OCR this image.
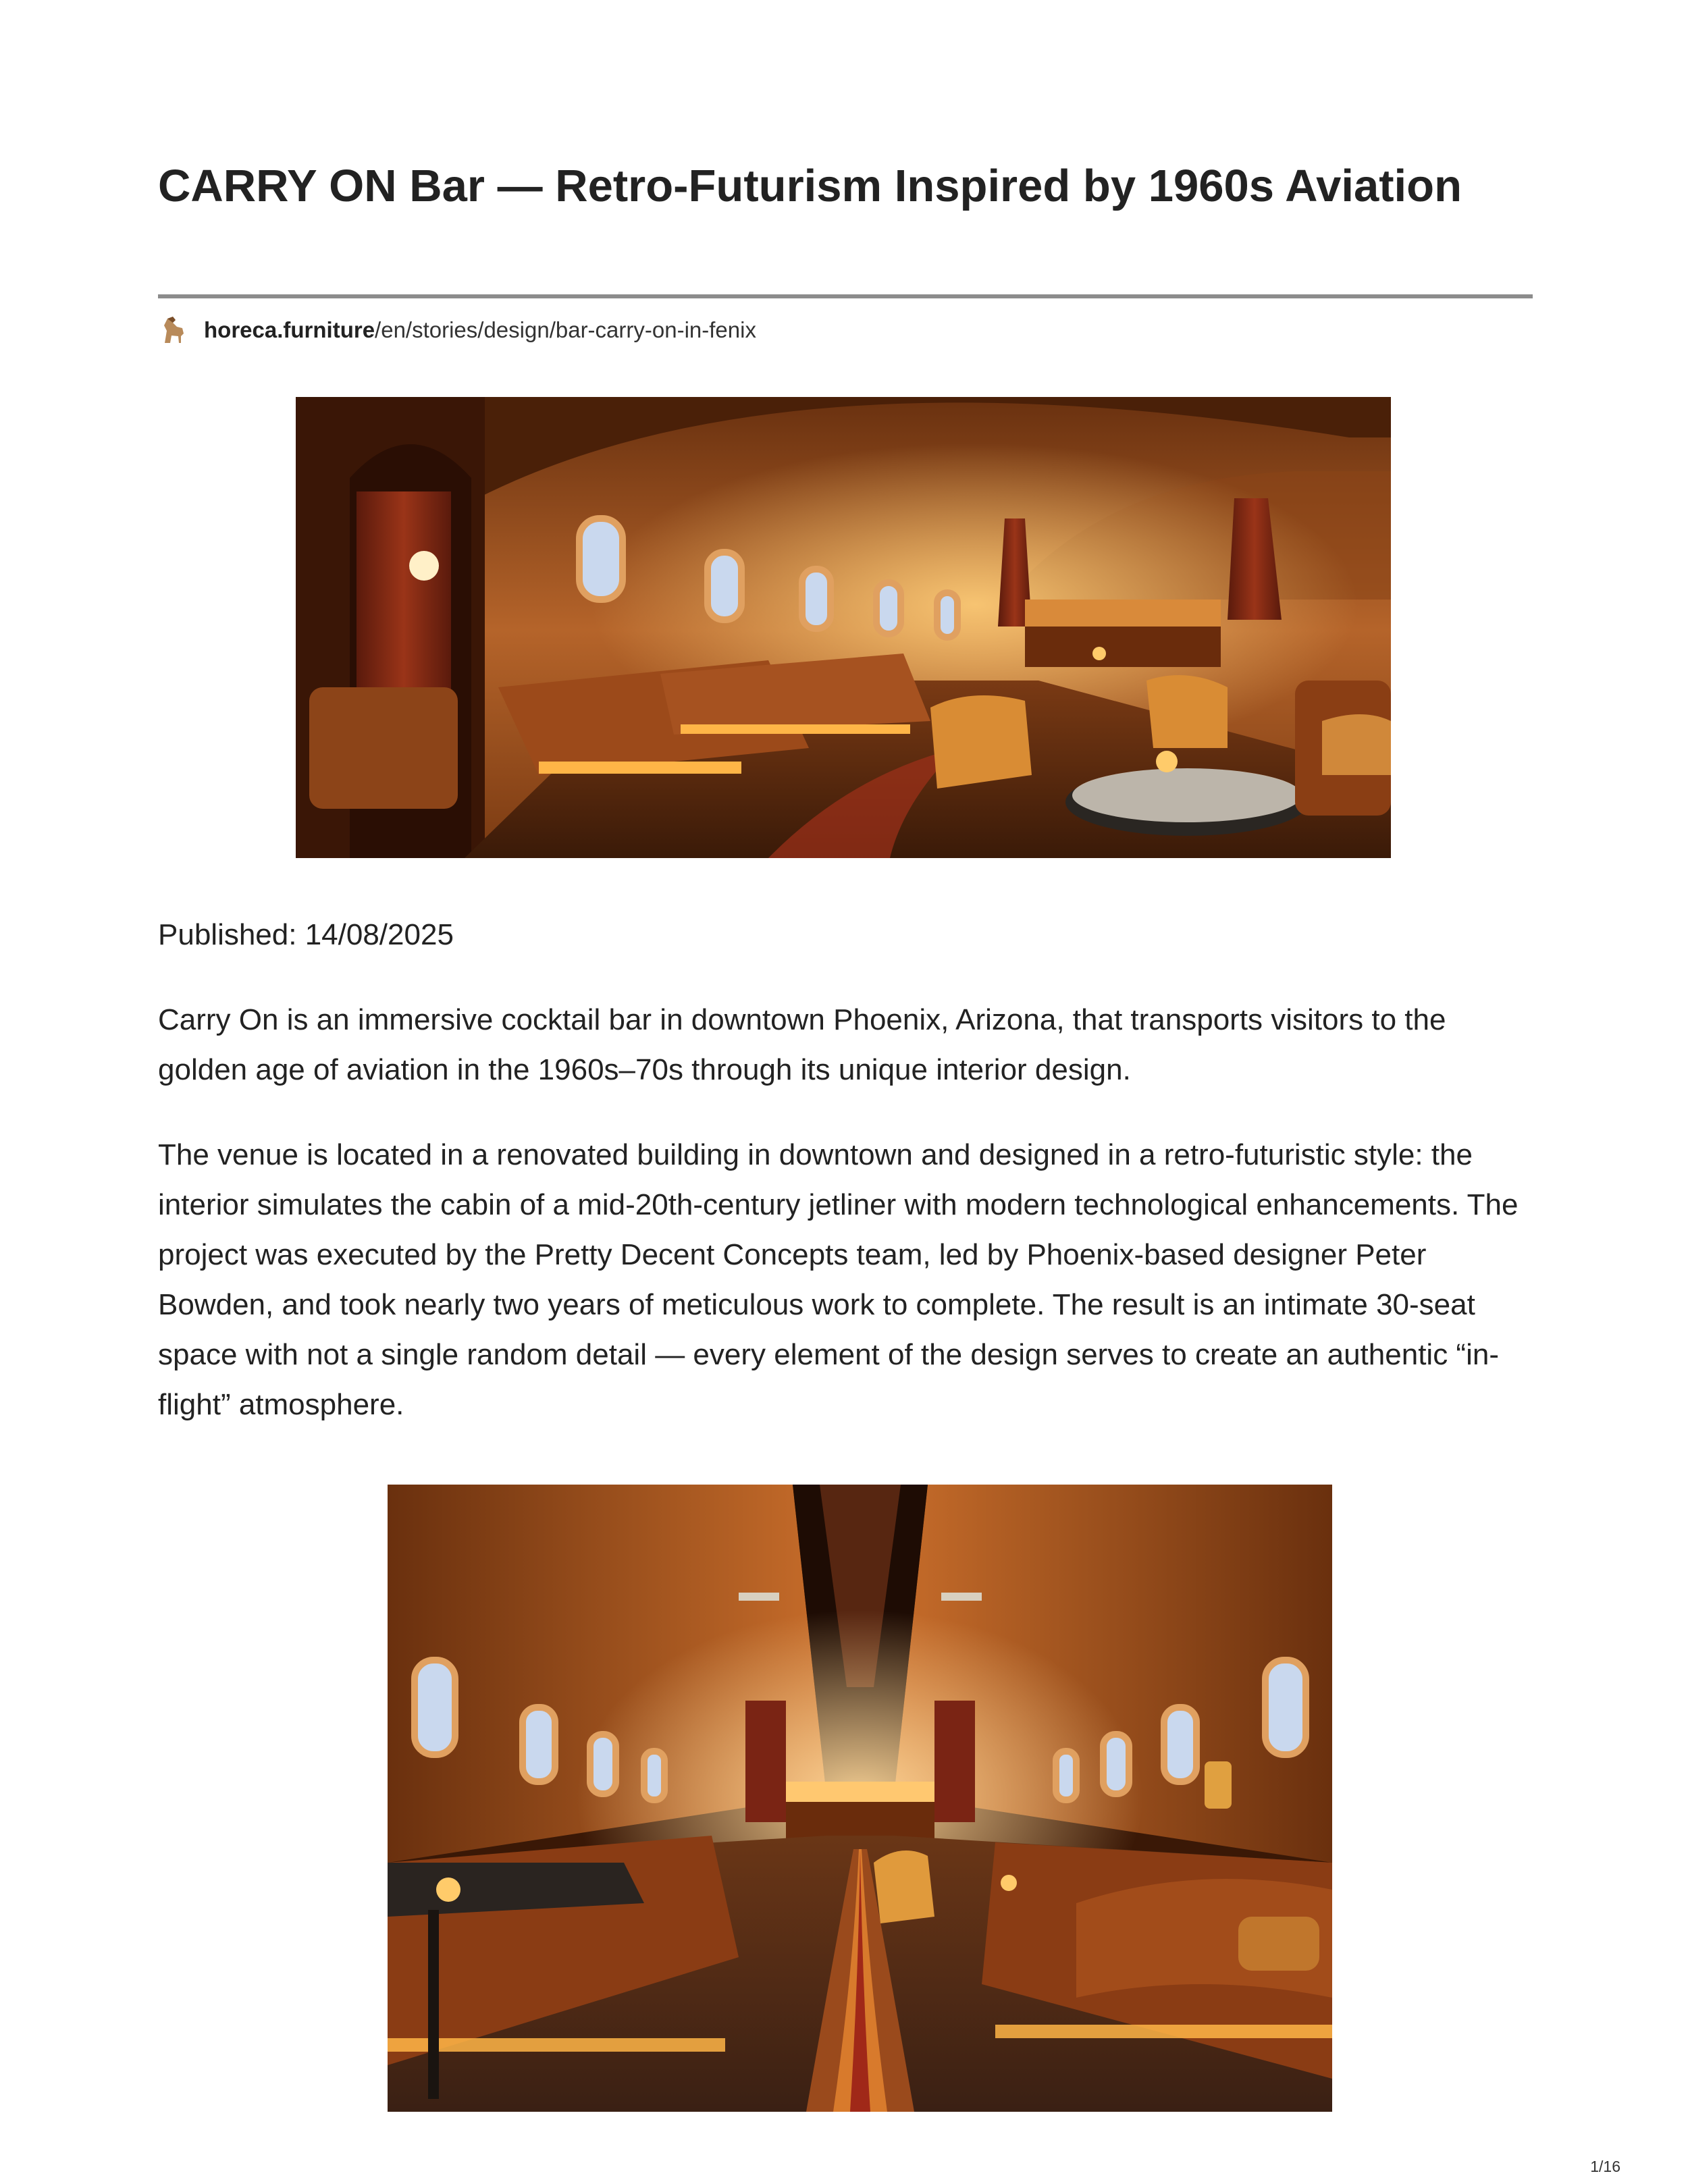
CARRY ON Bar — Retro-Futurism Inspired by 1960s Aviation
horeca.furniture /en/stories/design/bar-carry-on-in-fenix

Published: 14/08/2025

Carry On is an immersive cocktail bar in downtown Phoenix, Arizona, that transports visitors to the golden age of aviation in the 1960s–70s through its unique interior design.

The venue is located in a renovated building in downtown and designed in a retro-futuristic style: the interior simulates the cabin of a mid-20th-century jetliner with modern technological enhancements. The project was executed by the Pretty Decent Concepts team, led by Phoenix-based designer Peter Bowden, and took nearly two years of meticulous work to complete. The result is an intimate 30-seat space with not a single random detail — every element of the design serves to create an authentic “in-flight” atmosphere.

1/16
